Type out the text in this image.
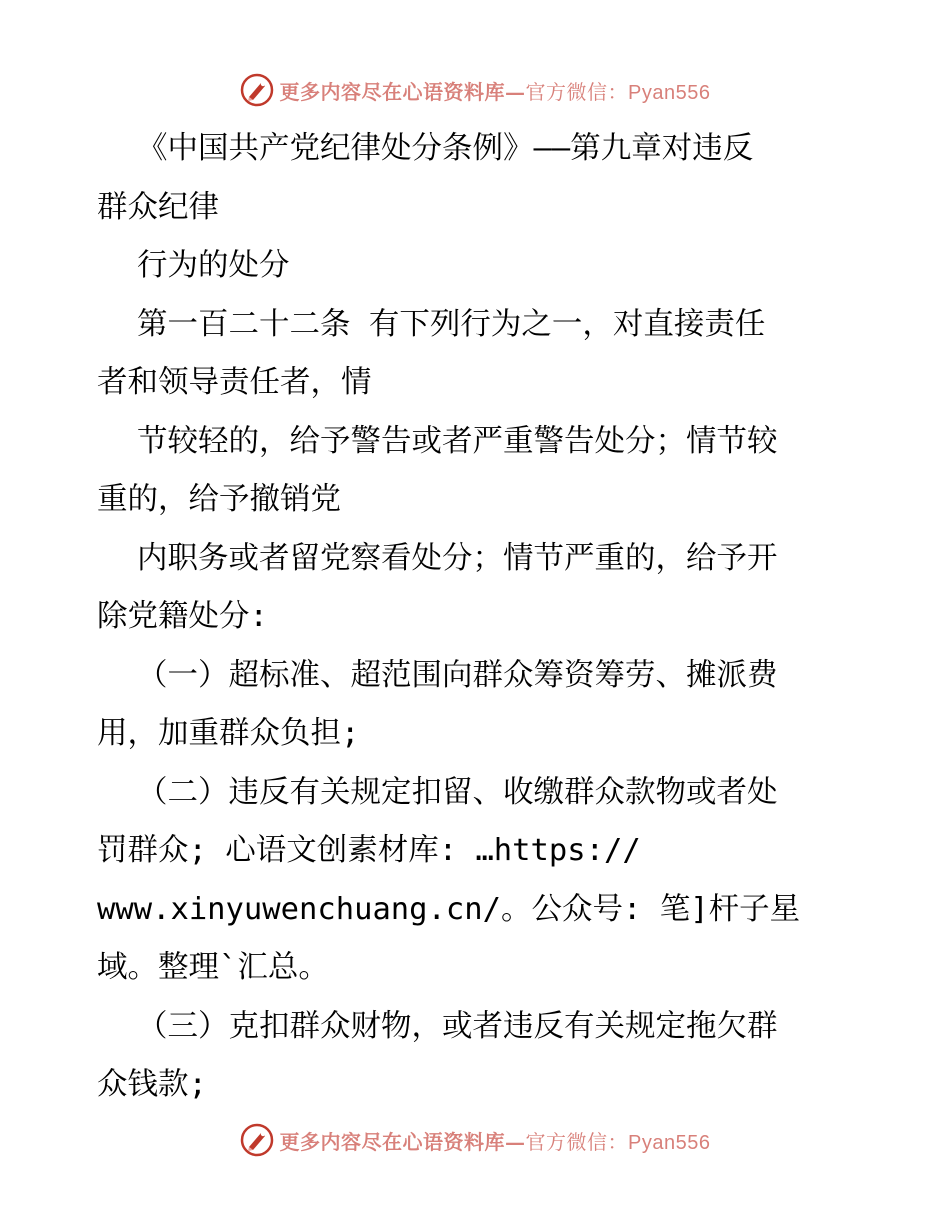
更多内容尽在心语资料库—官方微信：Pyan556
《中国共产党纪律处分条例》——第九章对违反
群众纪律
行为的处分
第一百二十二条 有下列行为之一，对直接责任
者和领导责任者，情
节较轻的，给予警告或者严重警告处分；情节较
重的，给予撤销党
内职务或者留党察看处分；情节严重的，给予开
除党籍处分:
（一）超标准、超范围向群众筹资筹劳、摊派费
用，加重群众负担;
（二）违反有关规定扣留、收缴群众款物或者处
罚群众; 心语文创素材库: …https://
www.xinyuwenchuang.cn/。公众号: 笔]杆子星
域。整理`汇总。
（三）克扣群众财物，或者违反有关规定拖欠群
众钱款;
更多内容尽在心语资料库—官方微信：Pyan556
